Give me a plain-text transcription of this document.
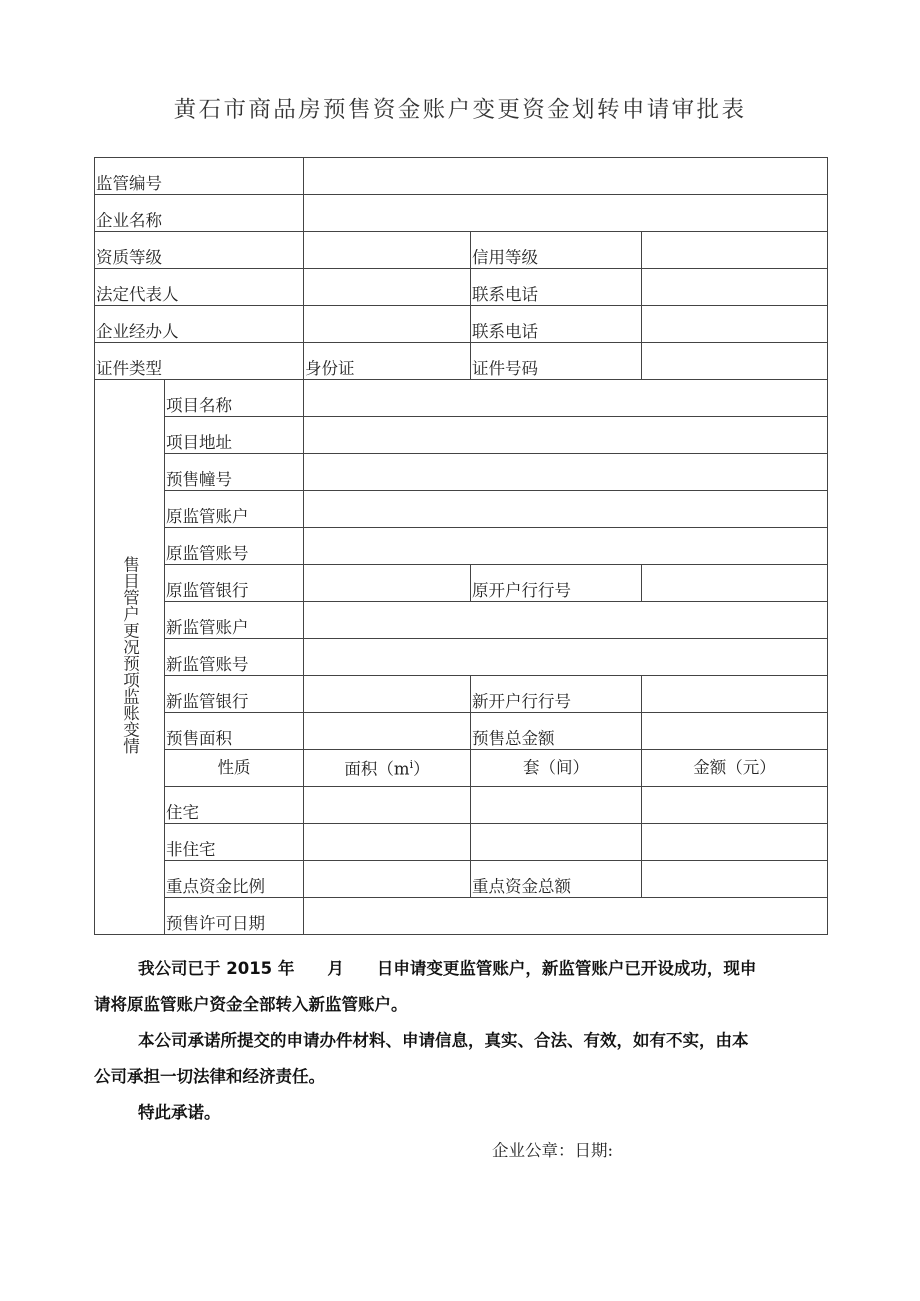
黄石市商品房预售资金账户变更资金划转申请审批表
监管编号				
企业名称				
资质等级			信用等级	
法定代表人			联系电话	
企业经办人			联系电话	
证件类型		身份证	证件号码	
售目管户更况预项监账变情	项目名称			
	项目地址			
	预售幢号			
	原监管账户			
	原监管账号			
	原监管银行		原开户行行号	
	新监管账户			
	新监管账号			
	新监管银行		新开户行行号	
	预售面积		预售总金额	
	性质	面积$(m^i)$	套（间）	金额（元）
	住宅			
	非住宅			
	重点资金比例		重点资金总额	
	预售许可日期			
我公司已于 2015 年　　月　　日申请变更监管账户，新监管账户已开设成功，现申
请将原监管账户资金全部转入新监管账户。
本公司承诺所提交的申请办件材料、申请信息，真实、合法、有效，如有不实，由本
公司承担一切法律和经济责任。
特此承诺。
企业公章：日期:
